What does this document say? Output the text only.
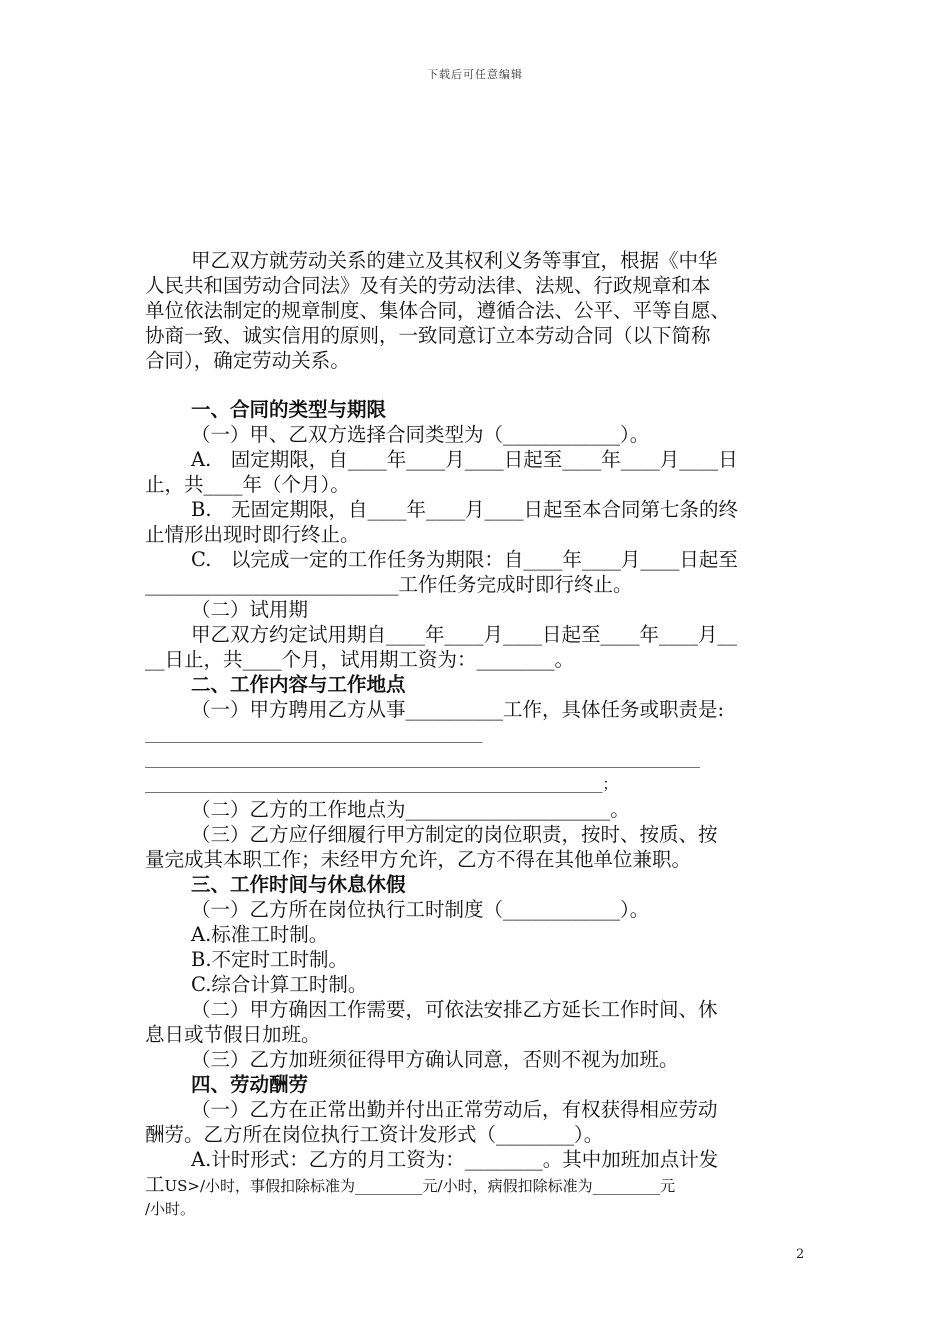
下载后可任意编辑
甲乙双方就劳动关系的建立及其权利义务等事宜，根据《中华
人民共和国劳动合同法》及有关的劳动法律、法规、行政规章和本
单位依法制定的规章制度、集体合同，遵循合法、公平、平等自愿、
协商一致、诚实信用的原则，一致同意订立本劳动合同（以下简称
合同），确定劳动关系。
一、合同的类型与期限
（一）甲、乙双方选择合同类型为（____________）。
A.　固定期限，自____年____月____日起至____年____月____日
止，共____年（个月）。
B.　无固定期限，自____年____月____日起至本合同第七条的终
止情形出现时即行终止。
C.　以完成一定的工作任务为期限：自____年____月____日起至
__________________________工作任务完成时即行终止。
（二）试用期
甲乙双方约定试用期自____年____月____日起至____年____月__
__日止，共____个月，试用期工资为：________。
二、工作内容与工作地点
（一）甲方聘用乙方从事__________工作，具体任务或职责是:
_____________________________________________
__________________________________________________________________________
_____________________________________________________________；
（二）乙方的工作地点为_____________________。
（三）乙方应仔细履行甲方制定的岗位职责，按时、按质、按
量完成其本职工作；未经甲方允许，乙方不得在其他单位兼职。
三、工作时间与休息休假
（一）乙方所在岗位执行工时制度（____________）。
A.标准工时制。
B.不定时工时制。
C.综合计算工时制。
（二）甲方确因工作需要，可依法安排乙方延长工作时间、休
息日或节假日加班。
（三）乙方加班须征得甲方确认同意，否则不视为加班。
四、劳动酬劳
（一）乙方在正常出勤并付出正常劳动后，有权获得相应劳动
酬劳。乙方所在岗位执行工资计发形式（________）。
A.计时形式：乙方的月工资为：________。其中加班加点计发
工US>/小时，事假扣除标准为_________元/小时，病假扣除标准为_________元
/小时。
2
